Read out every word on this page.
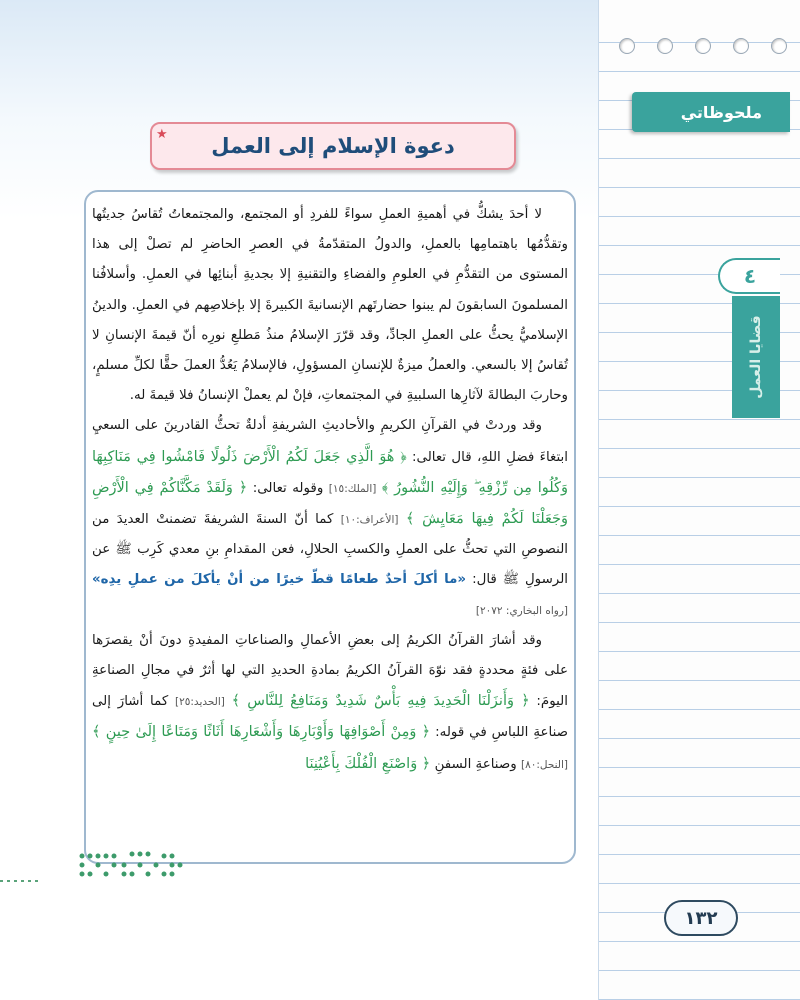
ملحوظاتي
٤
قضايا العمل
دعوة الإسلام إلى العمل
★

لا أحدَ يشكُّ في أهميةِ العملِ سواءً للفردِ أو المجتمع، والمجتمعاتُ تُقاسُ جديتُها وتقدُّمُها باهتمامِها بالعملِ، والدولُ المتقدّمةُ في العصرِ الحاضرِ لم تصلْ إلى هذا المستوى من التقدُّمِ في العلومِ والفضاءِ والتقنيةِ إلا بجديةِ أبنائِها في العملِ. وأسلافُنا المسلمونَ السابقونَ لم يبنوا حضارتَهم الإنسانيةَ الكبيرةَ إلا بإخلاصِهم في العملِ. والدينُ الإسلاميُّ يحثُّ على العملِ الجادِّ، وقد قرّرَ الإسلامُ منذُ مَطلعِ نورِه أنّ قيمةَ الإنسانِ لا تُقاسُ إلا بالسعي. والعملُ ميزةٌ للإنسانِ المسؤولِ، فالإسلامُ يَعُدُّ العملَ حقًّا لكلِّ مسلمٍ، وحاربَ البطالةَ لآثارِها السلبيةِ في المجتمعاتِ، فإنْ لم يعملْ الإنسانُ فلا قيمةَ له.

وقد وردتْ في القرآنِ الكريمِ والأحاديثِ الشريفةِ أدلةٌ تحثُّ القادرينَ على السعيِ ابتغاءَ فضلِ اللهِ، قال تعالى: ﴿ هُوَ الَّذِي جَعَلَ لَكُمُ الْأَرْضَ ذَلُولًا فَامْشُوا فِي مَنَاكِبِهَا وَكُلُوا مِن رِّزْقِهِ ۖ وَإِلَيْهِ النُّشُورُ ﴾ [الملك:١٥] وقوله تعالى: ﴿ وَلَقَدْ مَكَّنَّاكُمْ فِي الْأَرْضِ وَجَعَلْنَا لَكُمْ فِيهَا مَعَايِشَ ﴾ [الأعراف:١٠] كما أنّ السنةَ الشريفةَ تضمنتْ العديدَ من النصوصِ التي تحثُّ على العملِ والكسبِ الحلالِ، فعن المقدامِ بنِ معدي كَرِب ﷺ عن الرسولِ ﷺ قال: «ما أكلَ أحدٌ طعامًا قطّ خيرًا من أنْ يأكلَ من عملِ يدِه» [رواه البخاري: ٢٠٧٢]

وقد أشارَ القرآنُ الكريمُ إلى بعضِ الأعمالِ والصناعاتِ المفيدةِ دونَ أنْ يقصرَها على فئةٍ محددةٍ فقد نوّهَ القرآنُ الكريمُ بمادةِ الحديدِ التي لها أثرٌ في مجالِ الصناعةِ اليومَ: ﴿ وَأَنزَلْنَا الْحَدِيدَ فِيهِ بَأْسٌ شَدِيدٌ وَمَنَافِعُ لِلنَّاسِ ﴾ [الحديد:٢٥] كما أشارَ إلى صناعةِ اللباسِ في قوله: ﴿ وَمِنْ أَصْوَافِهَا وَأَوْبَارِهَا وَأَشْعَارِهَا أَثَاثًا وَمَتَاعًا إِلَىٰ حِينٍ ﴾ [النحل:٨٠] وصناعةِ السفنِ ﴿ وَاصْنَعِ الْفُلْكَ بِأَعْيُنِنَا

١٣٢
